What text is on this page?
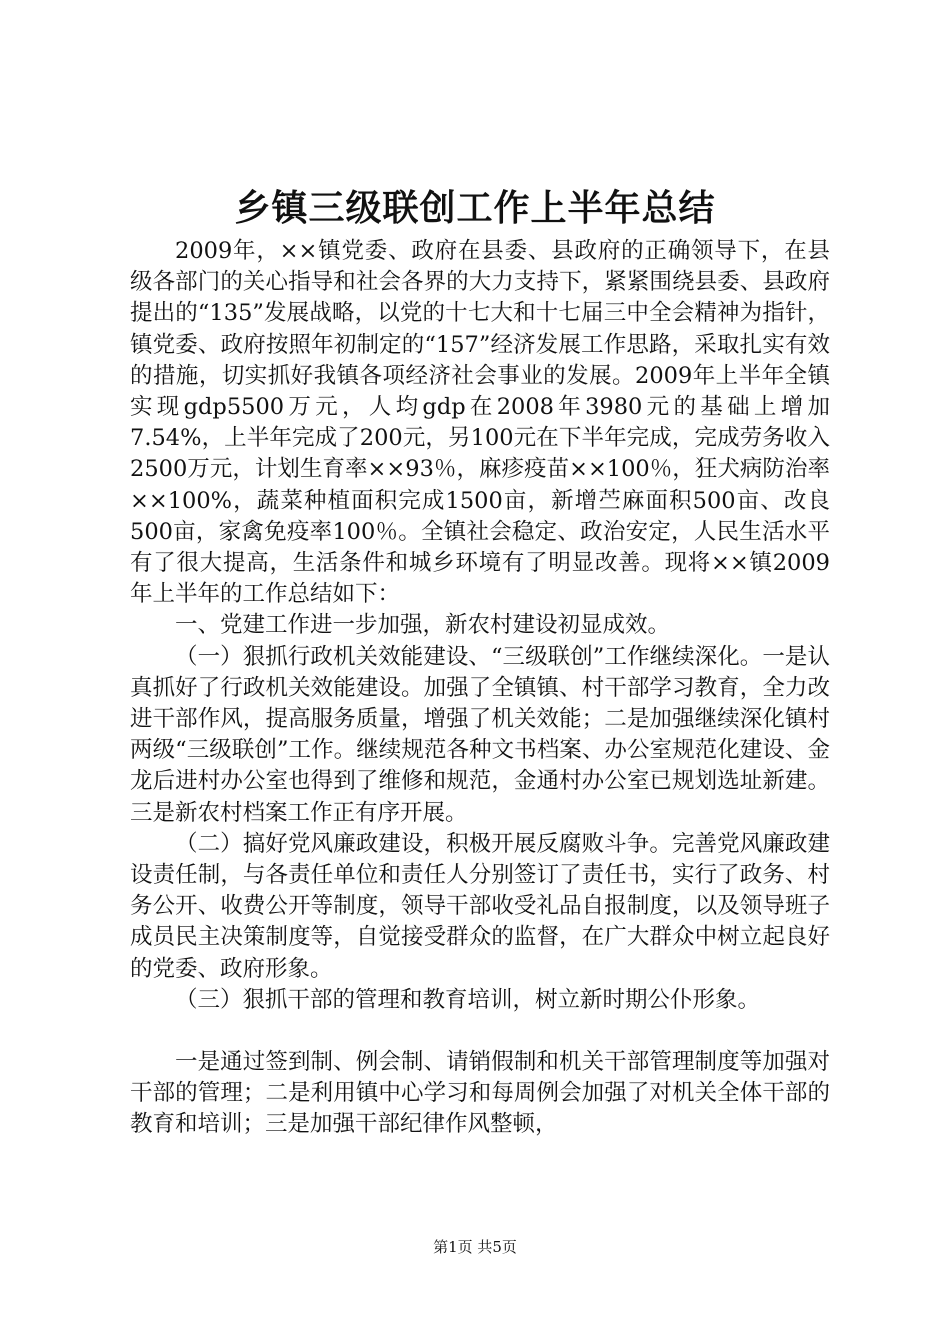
乡镇三级联创工作上半年总结

2009年，××镇党委、政府在县委、县政府的正确领导下，在县级各部门的关心指导和社会各界的大力支持下，紧紧围绕县委、县政府提出的“135”发展战略，以党的十七大和十七届三中全会精神为指针，镇党委、政府按照年初制定的“157”经济发展工作思路，采取扎实有效的措施，切实抓好我镇各项经济社会事业的发展。2009年上半年全镇实现gdp5500万元，人均gdp在2008年3980元的基础上增加7.54%，上半年完成了200元，另100元在下半年完成，完成劳务收入2500万元，计划生育率××93％，麻疹疫苗××100％，狂犬病防治率××100%，蔬菜种植面积完成1500亩，新增苎麻面积500亩、改良500亩，家禽免疫率100％。全镇社会稳定、政治安定，人民生活水平有了很大提高，生活条件和城乡环境有了明显改善。现将××镇2009年上半年的工作总结如下：

一、党建工作进一步加强，新农村建设初显成效。

（一）狠抓行政机关效能建设、“三级联创”工作继续深化。一是认真抓好了行政机关效能建设。加强了全镇镇、村干部学习教育，全力改进干部作风，提高服务质量，增强了机关效能；二是加强继续深化镇村两级“三级联创”工作。继续规范各种文书档案、办公室规范化建设、金龙后进村办公室也得到了维修和规范，金通村办公室已规划选址新建。三是新农村档案工作正有序开展。

（二）搞好党风廉政建设，积极开展反腐败斗争。完善党风廉政建设责任制，与各责任单位和责任人分别签订了责任书，实行了政务、村务公开、收费公开等制度，领导干部收受礼品自报制度，以及领导班子成员民主决策制度等，自觉接受群众的监督，在广大群众中树立起良好的党委、政府形象。

（三）狠抓干部的管理和教育培训，树立新时期公仆形象。

一是通过签到制、例会制、请销假制和机关干部管理制度等加强对干部的管理；二是利用镇中心学习和每周例会加强了对机关全体干部的教育和培训；三是加强干部纪律作风整顿，

第1页 共5页
